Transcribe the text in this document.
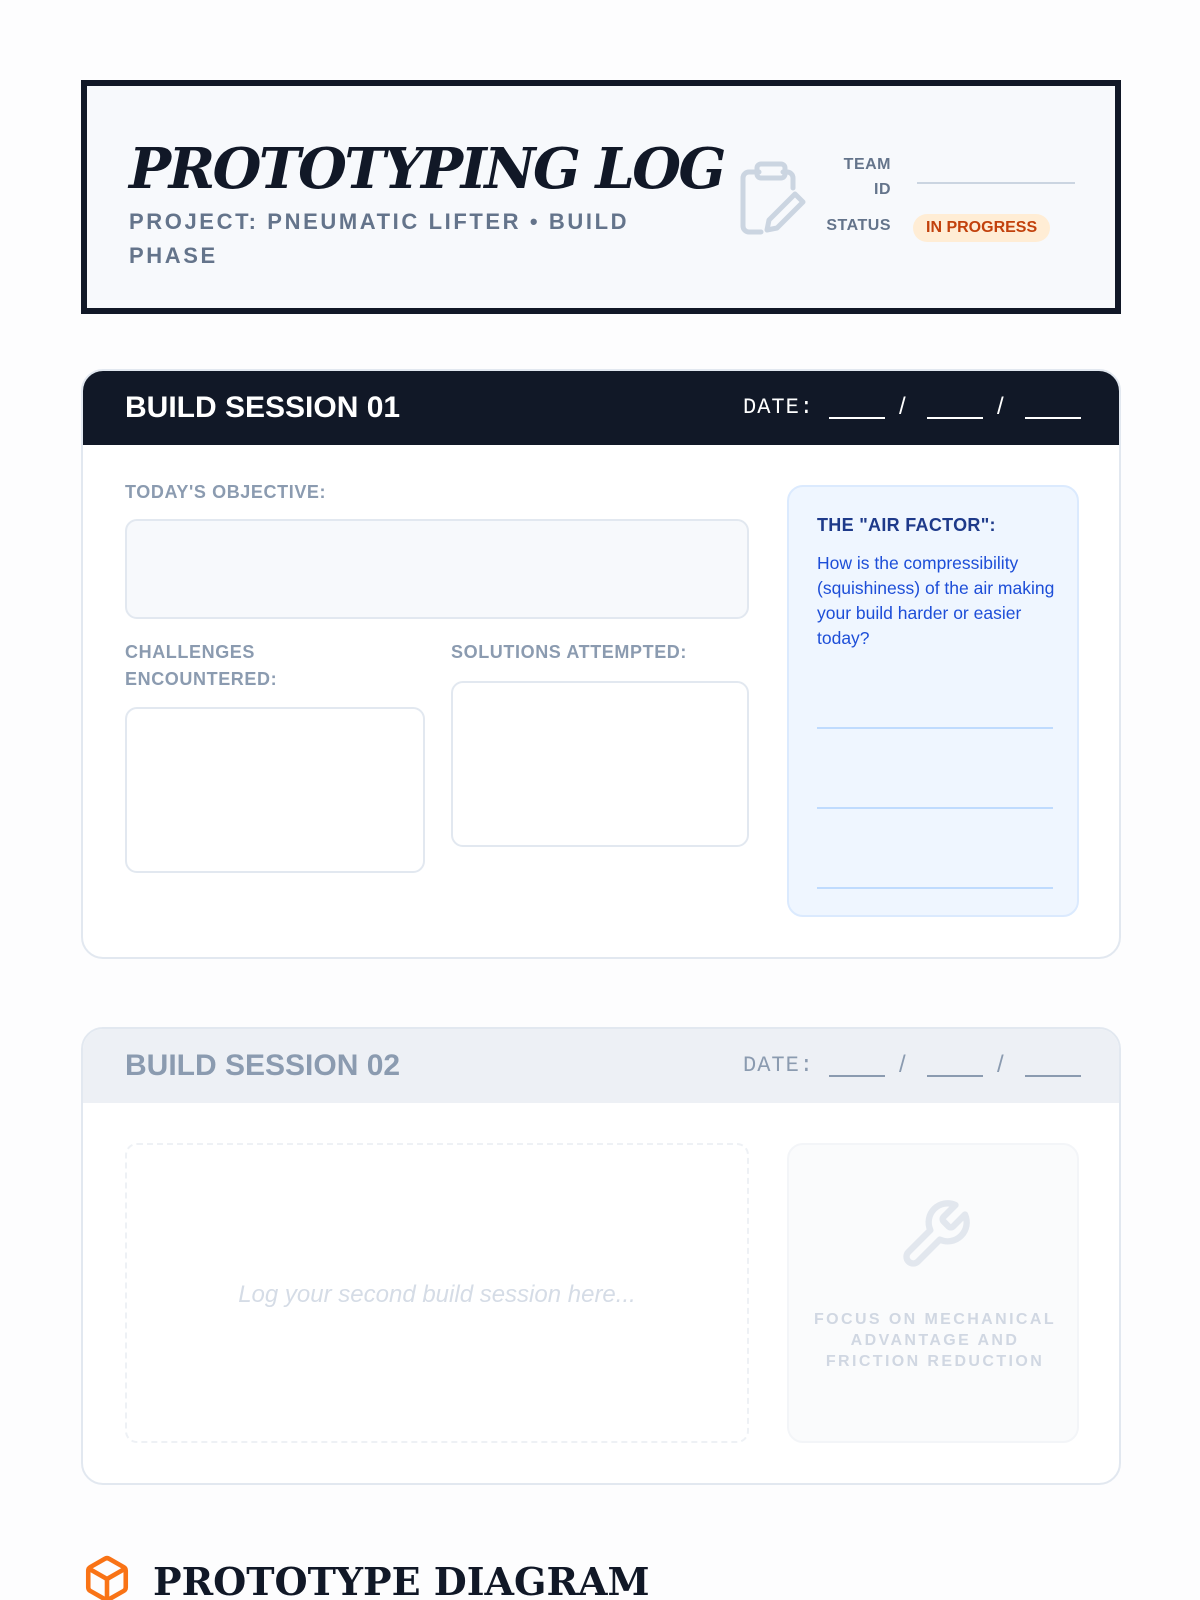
PROTOTYPING LOG
PROJECT: PNEUMATIC LIFTER • BUILD PHASE
TEAM
ID
STATUS	IN PROGRESS
BUILD SESSION 01	DATE:	/	/
TODAY'S OBJECTIVE:
CHALLENGES ENCOUNTERED:
SOLUTIONS ATTEMPTED:
THE "AIR FACTOR":
How is the compressibility (squishiness) of the air making your build harder or easier today?
BUILD SESSION 02	DATE:	/	/
Log your second build session here...
FOCUS ON MECHANICAL ADVANTAGE AND FRICTION REDUCTION
PROTOTYPE DIAGRAM
